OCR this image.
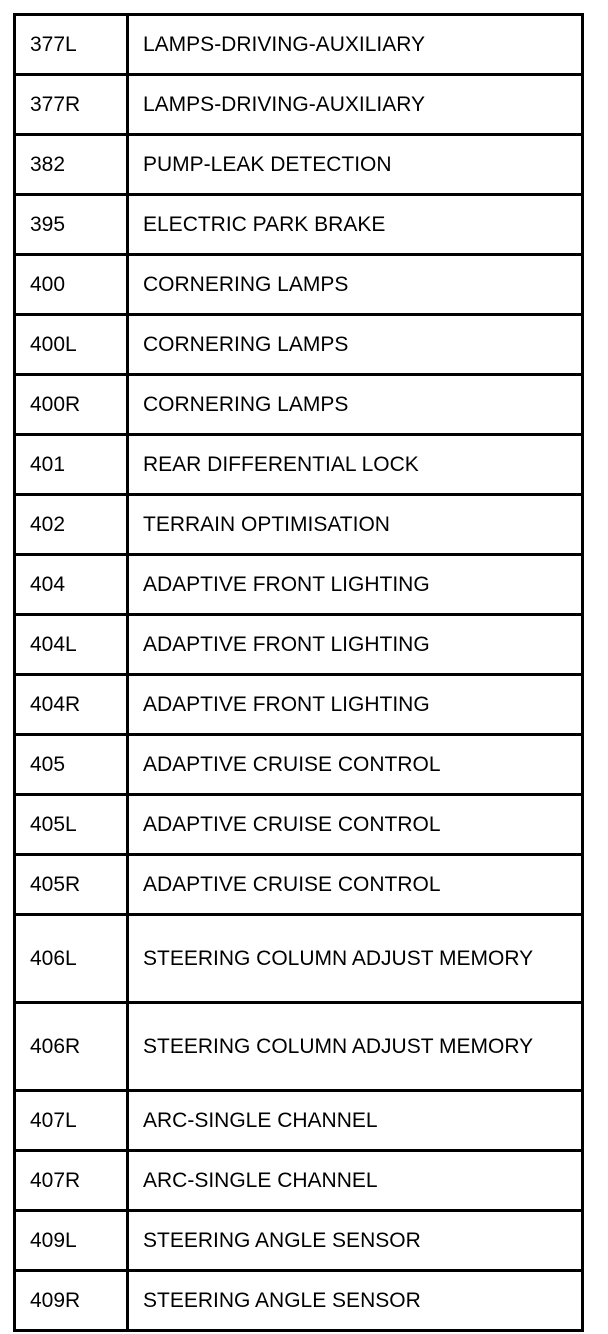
377L	LAMPS-DRIVING-AUXILIARY
377R	LAMPS-DRIVING-AUXILIARY
382	PUMP-LEAK DETECTION
395	ELECTRIC PARK BRAKE
400	CORNERING LAMPS
400L	CORNERING LAMPS
400R	CORNERING LAMPS
401	REAR DIFFERENTIAL LOCK
402	TERRAIN OPTIMISATION
404	ADAPTIVE FRONT LIGHTING
404L	ADAPTIVE FRONT LIGHTING
404R	ADAPTIVE FRONT LIGHTING
405	ADAPTIVE CRUISE CONTROL
405L	ADAPTIVE CRUISE CONTROL
405R	ADAPTIVE CRUISE CONTROL
406L	STEERING COLUMN ADJUST MEMORY
406R	STEERING COLUMN ADJUST MEMORY
407L	ARC-SINGLE CHANNEL
407R	ARC-SINGLE CHANNEL
409L	STEERING ANGLE SENSOR
409R	STEERING ANGLE SENSOR
